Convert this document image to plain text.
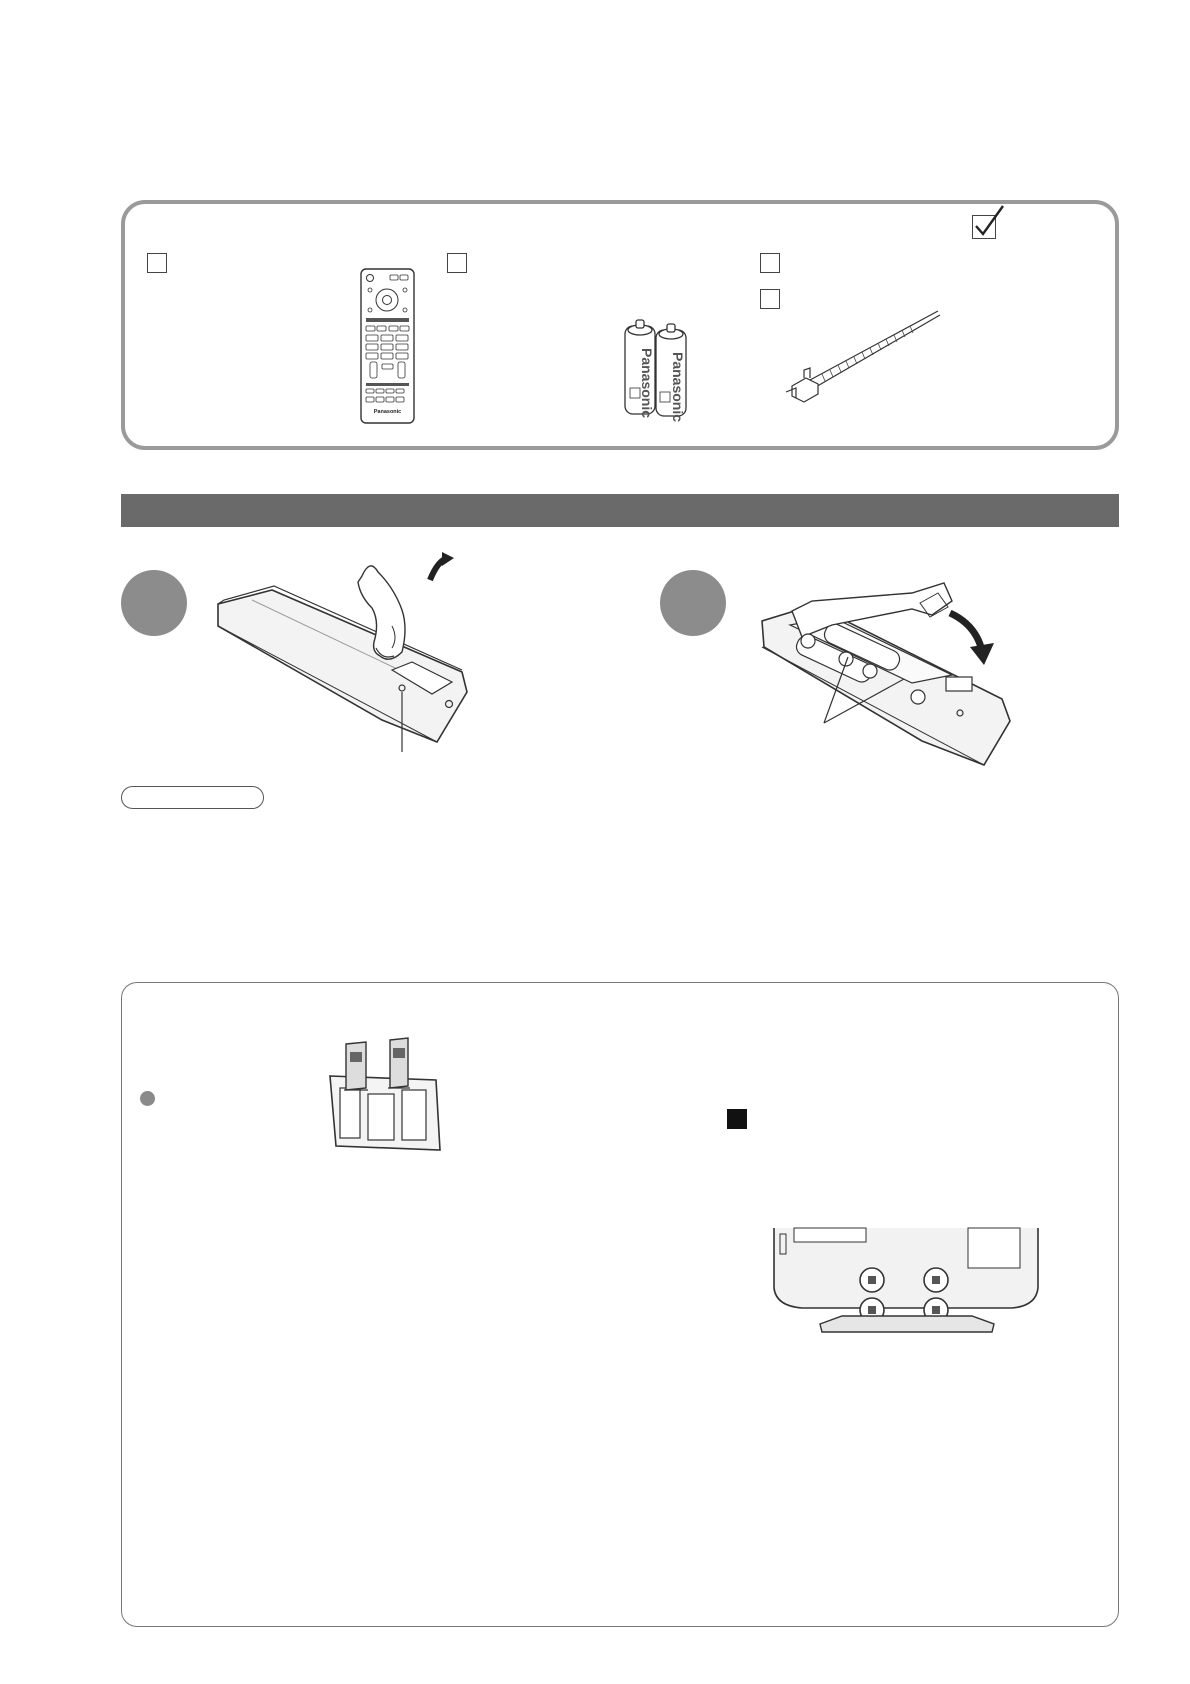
Panasonic	Panasonic Panasonic
